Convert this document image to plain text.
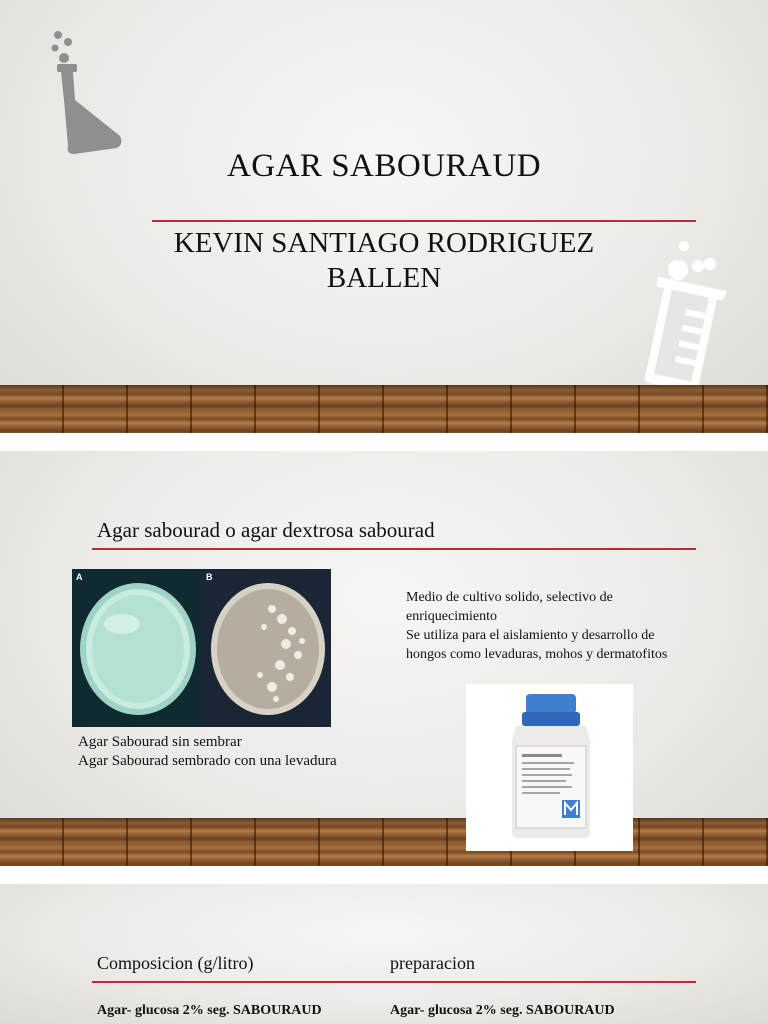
AGAR SABOURAUD
KEVIN SANTIAGO RODRIGUEZ
BALLEN
Agar sabourad o agar dextrosa sabourad
A	B
Agar Sabourad sin sembrar
Agar Sabourad sembrado con una levadura
Medio de cultivo solido, selectivo de enriquecimiento
Se utiliza para el aislamiento y desarrollo de hongos como levaduras, mohos y dermatofitos
Composicion (g/litro)	preparacion
Agar- glucosa 2% seg. SABOURAUD	Agar- glucosa 2% seg. SABOURAUD
